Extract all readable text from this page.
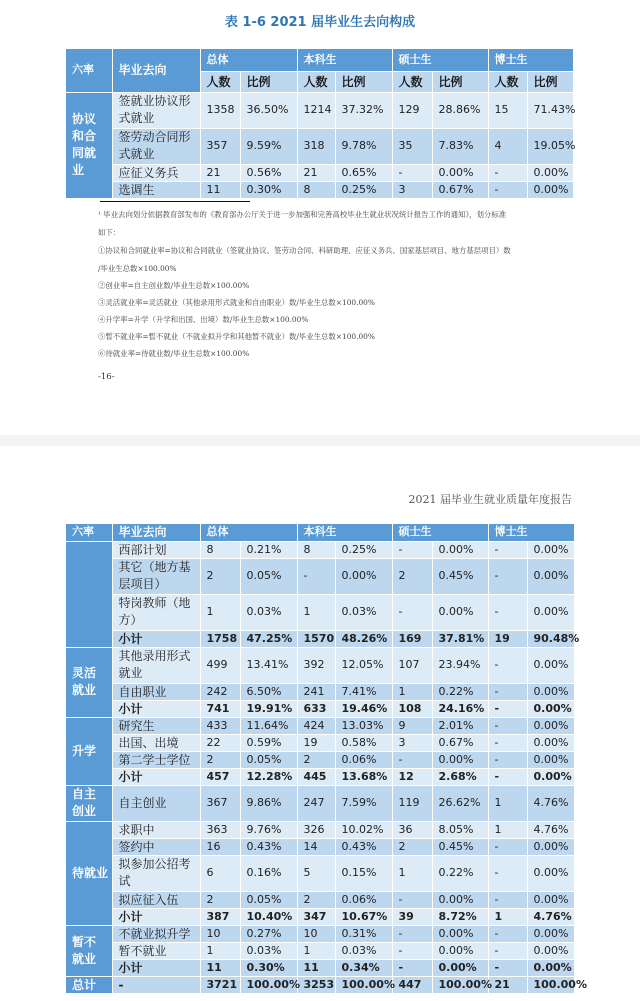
表 1-6 2021 届毕业生去向构成
六率	毕业去向	总体		本科生		硕士生		博士生	
		人数	比例	人数	比例	人数	比例	人数	比例
协议和合同就业	签就业协议形式就业	1358	36.50%	1214	37.32%	129	28.86%	15	71.43%
	签劳动合同形式就业	357	9.59%	318	9.78%	35	7.83%	4	19.05%
	应征义务兵	21	0.56%	21	0.65%	-	0.00%	-	0.00%
	选调生	11	0.30%	8	0.25%	3	0.67%	-	0.00%
¹ 毕业去向划分依据教育部发布的《教育部办公厅关于进一步加强和完善高校毕业生就业状况统计报告工作的通知》，划分标准
如下：
①协议和合同就业率=协议和合同就业（签就业协议、签劳动合同、科研助理、应征义务兵、国家基层项目、地方基层项目）数
/毕业生总数×100.00%
②创业率=自主创业数/毕业生总数×100.00%
③灵活就业率=灵活就业（其他录用形式就业和自由职业）数/毕业生总数×100.00%
④升学率=升学（升学和出国、出境）数/毕业生总数×100.00%
⑤暂不就业率=暂不就业（不就业拟升学和其他暂不就业）数/毕业生总数×100.00%
⑥待就业率=待就业数/毕业生总数×100.00%
-16-
2021 届毕业生就业质量年度报告
六率	毕业去向	总体		本科生		硕士生		博士生	
	西部计划	8	0.21%	8	0.25%	-	0.00%	-	0.00%
	其它（地方基层项目）	2	0.05%	-	0.00%	2	0.45%	-	0.00%
	特岗教师（地方）	1	0.03%	1	0.03%	-	0.00%	-	0.00%
	小计	1758	47.25%	1570	48.26%	169	37.81%	19	90.48%
灵活就业	其他录用形式就业	499	13.41%	392	12.05%	107	23.94%	-	0.00%
	自由职业	242	6.50%	241	7.41%	1	0.22%	-	0.00%
	小计	741	19.91%	633	19.46%	108	24.16%	-	0.00%
升学	研究生	433	11.64%	424	13.03%	9	2.01%	-	0.00%
	出国、出境	22	0.59%	19	0.58%	3	0.67%	-	0.00%
	第二学士学位	2	0.05%	2	0.06%	-	0.00%	-	0.00%
	小计	457	12.28%	445	13.68%	12	2.68%	-	0.00%
自主创业	自主创业	367	9.86%	247	7.59%	119	26.62%	1	4.76%
待就业	求职中	363	9.76%	326	10.02%	36	8.05%	1	4.76%
	签约中	16	0.43%	14	0.43%	2	0.45%	-	0.00%
	拟参加公招考试	6	0.16%	5	0.15%	1	0.22%	-	0.00%
	拟应征入伍	2	0.05%	2	0.06%	-	0.00%	-	0.00%
	小计	387	10.40%	347	10.67%	39	8.72%	1	4.76%
暂不就业	不就业拟升学	10	0.27%	10	0.31%	-	0.00%	-	0.00%
	暂不就业	1	0.03%	1	0.03%	-	0.00%	-	0.00%
	小计	11	0.30%	11	0.34%	-	0.00%	-	0.00%
总计	-	3721	100.00%	3253	100.00%	447	100.00%	21	100.00%
